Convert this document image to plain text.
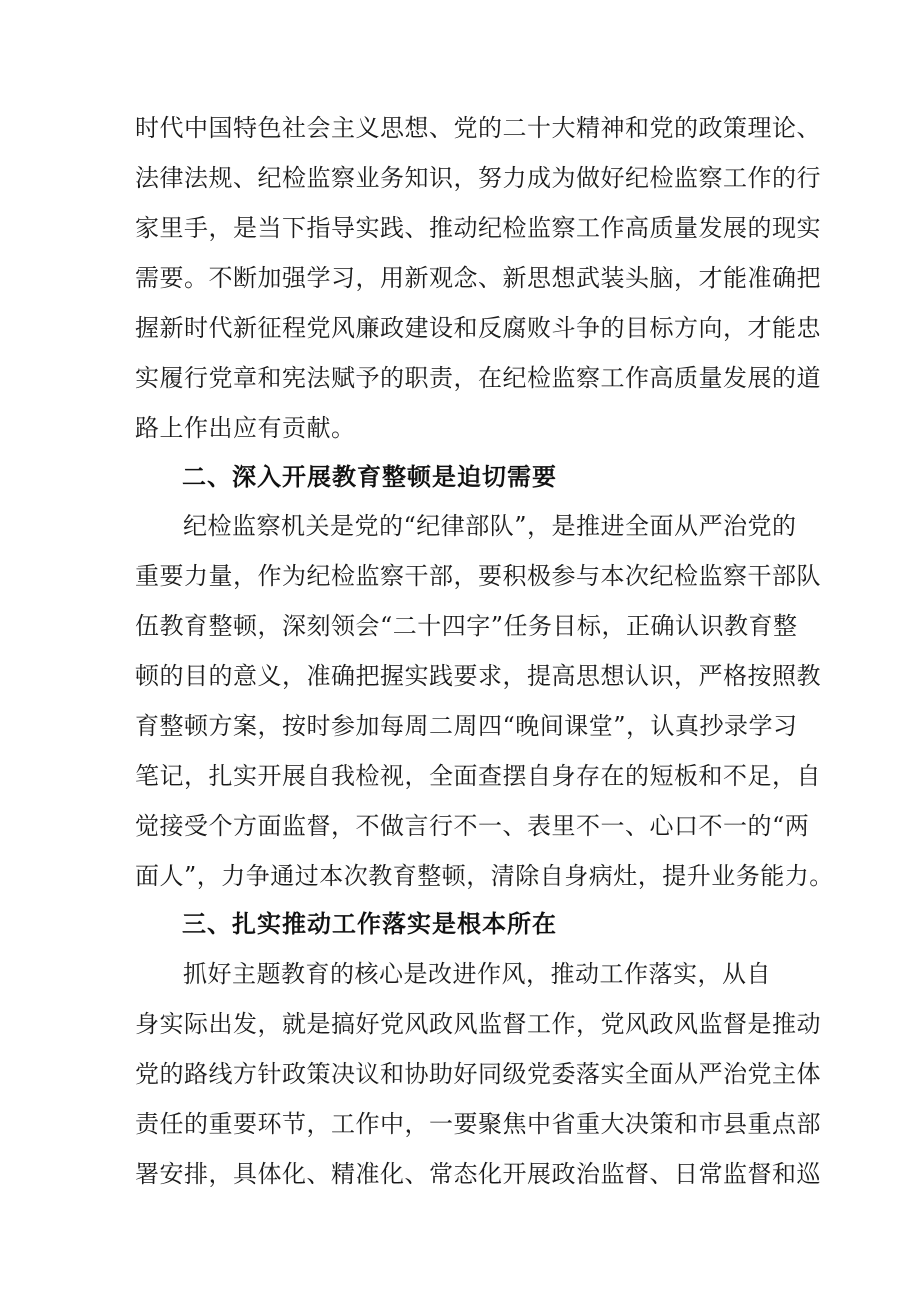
时代中国特色社会主义思想、党的二十大精神和党的政策理论、
法律法规、纪检监察业务知识，努力成为做好纪检监察工作的行
家里手，是当下指导实践、推动纪检监察工作高质量发展的现实
需要。不断加强学习，用新观念、新思想武装头脑，才能准确把
握新时代新征程党风廉政建设和反腐败斗争的目标方向，才能忠
实履行党章和宪法赋予的职责，在纪检监察工作高质量发展的道
路上作出应有贡献。
二、深入开展教育整顿是迫切需要
纪检监察机关是党的“纪律部队”，是推进全面从严治党的
重要力量，作为纪检监察干部，要积极参与本次纪检监察干部队
伍教育整顿，深刻领会“二十四字”任务目标，正确认识教育整
顿的目的意义，准确把握实践要求，提高思想认识，严格按照教
育整顿方案，按时参加每周二周四“晚间课堂”，认真抄录学习
笔记，扎实开展自我检视，全面查摆自身存在的短板和不足，自
觉接受个方面监督，不做言行不一、表里不一、心口不一的“两
面人”，力争通过本次教育整顿，清除自身病灶，提升业务能力。
三、扎实推动工作落实是根本所在
抓好主题教育的核心是改进作风，推动工作落实，从自
身实际出发，就是搞好党风政风监督工作，党风政风监督是推动
党的路线方针政策决议和协助好同级党委落实全面从严治党主体
责任的重要环节，工作中，一要聚焦中省重大决策和市县重点部
署安排，具体化、精准化、常态化开展政治监督、日常监督和巡
